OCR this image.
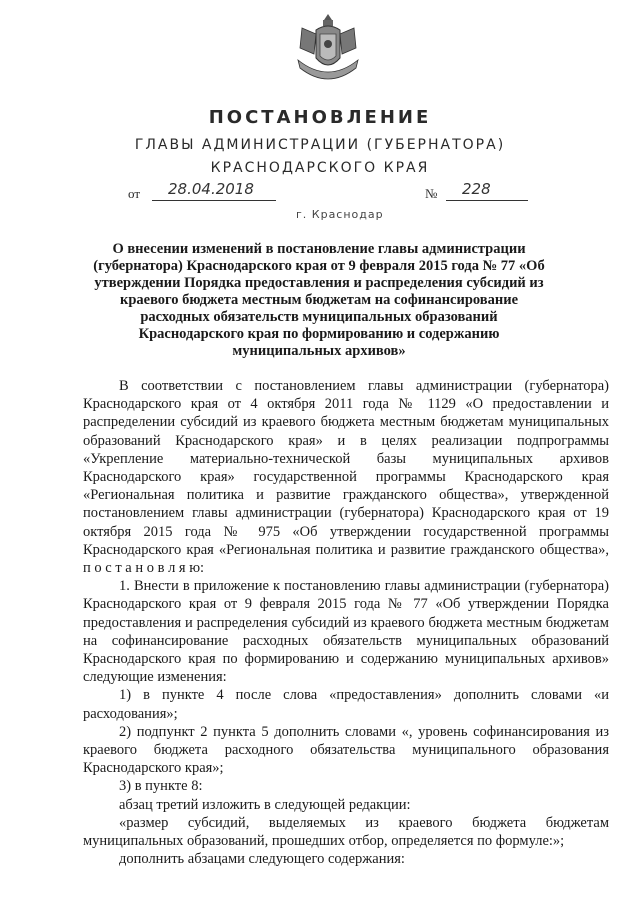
ПОСТАНОВЛЕНИЕ
ГЛАВЫ АДМИНИСТРАЦИИ (ГУБЕРНАТОРА)
КРАСНОДАРСКОГО КРАЯ
от 28.04.2018	№ 228
г. Краснодар
О внесении изменений в постановление главы администрации (губернатора) Краснодарского края от 9 февраля 2015 года № 77 «Об утверждении Порядка предоставления и распределения субсидий из краевого бюджета местным бюджетам на софинансирование расходных обязательств муниципальных образований Краснодарского края по формированию и содержанию муниципальных архивов»

В соответствии с постановлением главы администрации (губернатора) Краснодарского края от 4 октября 2011 года № 1129 «О предоставлении и распределении субсидий из краевого бюджета местным бюджетам муниципальных образований Краснодарского края» и в целях реализации подпрограммы «Укрепление материально-технической базы муниципальных архивов Краснодарского края» государственной программы Краснодарского края «Региональная политика и развитие гражданского общества», утвержденной постановлением главы администрации (губернатора) Краснодарского края от 19 октября 2015 года № 975 «Об утверждении государственной программы Краснодарского края «Региональная политика и развитие гражданского общества», п о с т а н о в л я ю:

1. Внести в приложение к постановлению главы администрации (губернатора) Краснодарского края от 9 февраля 2015 года № 77 «Об утверждении Порядка предоставления и распределения субсидий из краевого бюджета местным бюджетам на софинансирование расходных обязательств муниципальных образований Краснодарского края по формированию и содержанию муниципальных архивов» следующие изменения:

1) в пункте 4 после слова «предоставления» дополнить словами «и расходования»;

2) подпункт 2 пункта 5 дополнить словами «, уровень софинансирования из краевого бюджета расходного обязательства муниципального образования Краснодарского края»;

3) в пункте 8:

абзац третий изложить в следующей редакции:

«размер субсидий, выделяемых из краевого бюджета бюджетам муниципальных образований, прошедших отбор, определяется по формуле:»;

дополнить абзацами следующего содержания:
